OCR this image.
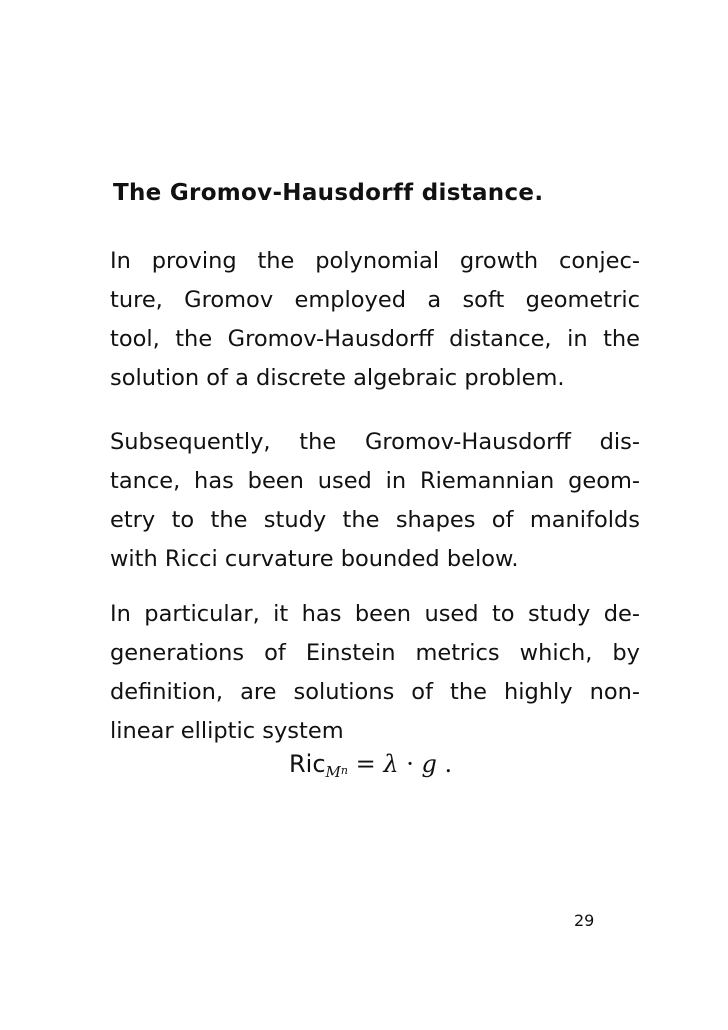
The Gromov-Hausdorff distance.
In proving the polynomial growth conjec-
ture, Gromov employed a soft geometric
tool, the Gromov-Hausdorff distance, in the
solution of a discrete algebraic problem.
Subsequently, the Gromov-Hausdorff dis-
tance, has been used in Riemannian geom-
etry to the study the shapes of manifolds
with Ricci curvature bounded below.
In particular, it has been used to study de-
generations of Einstein metrics which, by
definition, are solutions of the highly non-
linear elliptic system
Ric$_{M^n}$ = λ · g .
29
